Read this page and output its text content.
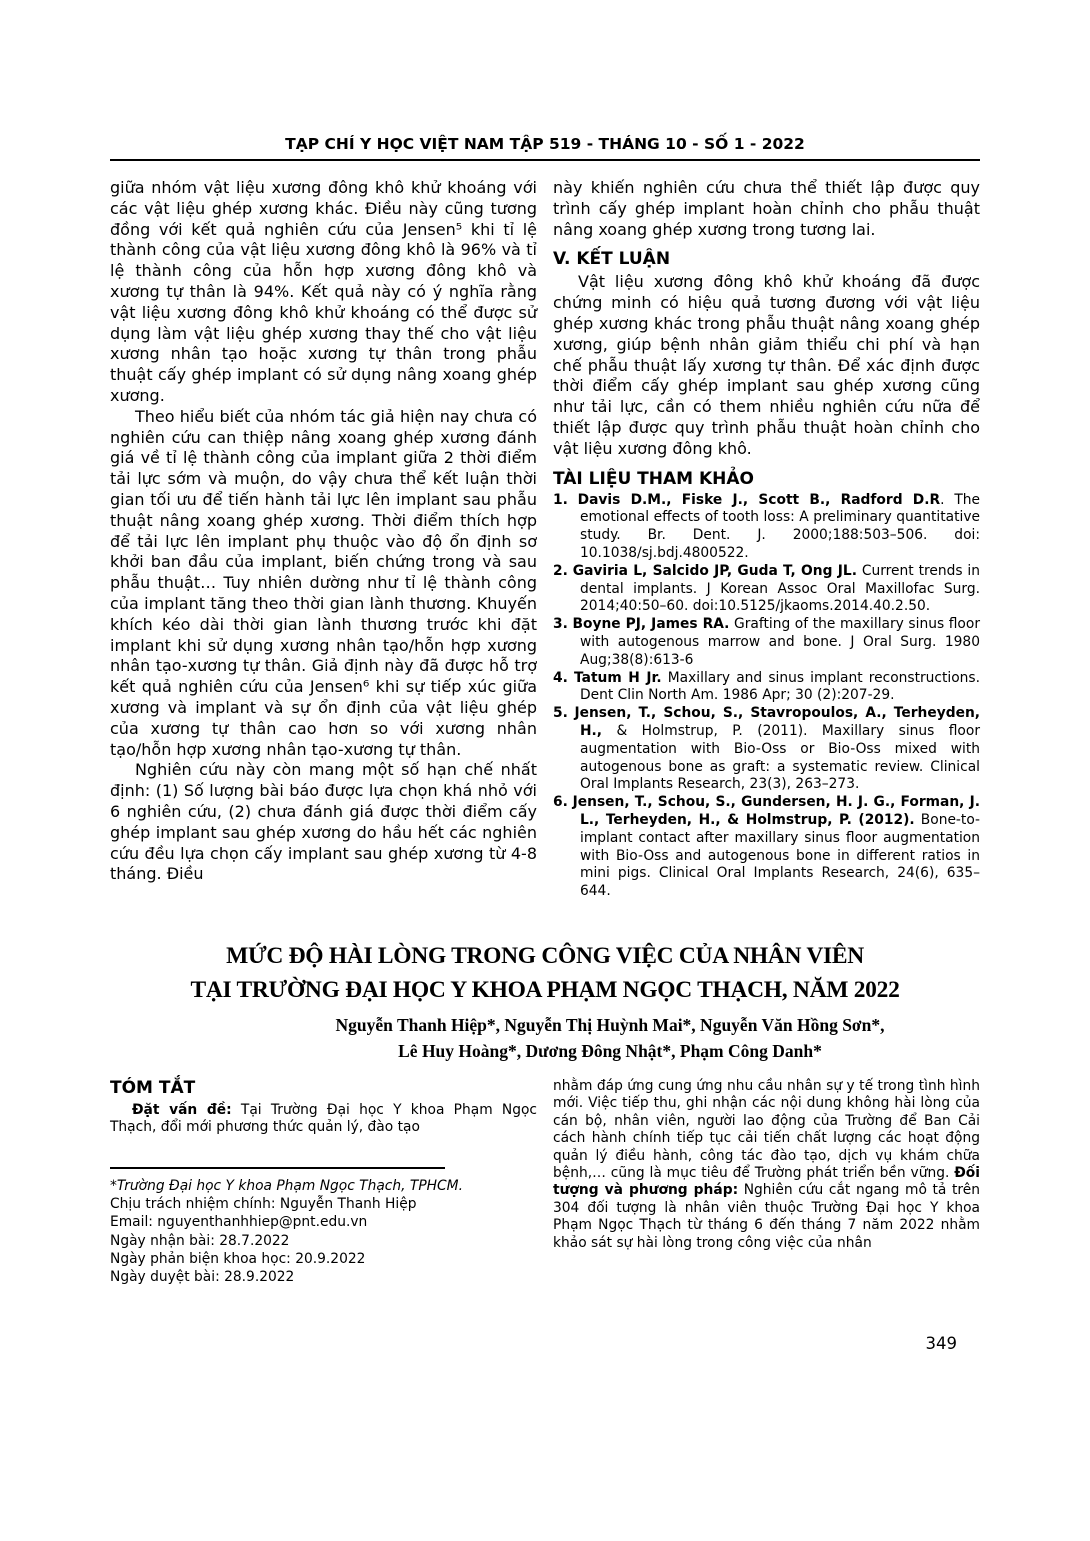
TẠP CHÍ Y HỌC VIỆT NAM TẬP 519 - THÁNG 10 - SỐ 1 - 2022

giữa nhóm vật liệu xương đông khô khử khoáng với các vật liệu ghép xương khác. Điều này cũng tương đồng với kết quả nghiên cứu của Jensen⁵ khi tỉ lệ thành công của vật liệu xương đông khô là 96% và tỉ lệ thành công của hỗn hợp xương đông khô và xương tự thân là 94%. Kết quả này có ý nghĩa rằng vật liệu xương đông khô khử khoáng có thể được sử dụng làm vật liệu ghép xương thay thế cho vật liệu xương nhân tạo hoặc xương tự thân trong phẫu thuật cấy ghép implant có sử dụng nâng xoang ghép xương.

Theo hiểu biết của nhóm tác giả hiện nay chưa có nghiên cứu can thiệp nâng xoang ghép xương đánh giá về tỉ lệ thành công của implant giữa 2 thời điểm tải lực sớm và muộn, do vậy chưa thể kết luận thời gian tối ưu để tiến hành tải lực lên implant sau phẫu thuật nâng xoang ghép xương. Thời điểm thích hợp để tải lực lên implant phụ thuộc vào độ ổn định sơ khởi ban đầu của implant, biến chứng trong và sau phẫu thuật… Tuy nhiên dường như tỉ lệ thành công của implant tăng theo thời gian lành thương. Khuyến khích kéo dài thời gian lành thương trước khi đặt implant khi sử dụng xương nhân tạo/hỗn hợp xương nhân tạo-xương tự thân. Giả định này đã được hỗ trợ kết quả nghiên cứu của Jensen⁶ khi sự tiếp xúc giữa xương và implant và sự ổn định của vật liệu ghép của xương tự thân cao hơn so với xương nhân tạo/hỗn hợp xương nhân tạo-xương tự thân.

Nghiên cứu này còn mang một số hạn chế nhất định: (1) Số lượng bài báo được lựa chọn khá nhỏ với 6 nghiên cứu, (2) chưa đánh giá được thời điểm cấy ghép implant sau ghép xương do hầu hết các nghiên cứu đều lựa chọn cấy implant sau ghép xương từ 4-8 tháng. Điều

này khiến nghiên cứu chưa thể thiết lập được quy trình cấy ghép implant hoàn chỉnh cho phẫu thuật nâng xoang ghép xương trong tương lai.

V. KẾT LUẬN

Vật liệu xương đông khô khử khoáng đã được chứng minh có hiệu quả tương đương với vật liệu ghép xương khác trong phẫu thuật nâng xoang ghép xương, giúp bệnh nhân giảm thiểu chi phí và hạn chế phẫu thuật lấy xương tự thân. Để xác định được thời điểm cấy ghép implant sau ghép xương cũng như tải lực, cần có them nhiều nghiên cứu nữa để thiết lập được quy trình phẫu thuật hoàn chỉnh cho vật liệu xương đông khô.

TÀI LIỆU THAM KHẢO
1. Davis D.M., Fiske J., Scott B., Radford D.R. The emotional effects of tooth loss: A preliminary quantitative study. Br. Dent. J. 2000;188:503–506. doi: 10.1038/sj.bdj.4800522.
2. Gaviria L, Salcido JP, Guda T, Ong JL. Current trends in dental implants. J Korean Assoc Oral Maxillofac Surg. 2014;40:50–60. doi:10.5125/jkaoms.2014.40.2.50.
3. Boyne PJ, James RA. Grafting of the maxillary sinus floor with autogenous marrow and bone. J Oral Surg. 1980 Aug;38(8):613-6
4. Tatum H Jr. Maxillary and sinus implant reconstructions. Dent Clin North Am. 1986 Apr; 30 (2):207-29.
5. Jensen, T., Schou, S., Stavropoulos, A., Terheyden, H., & Holmstrup, P. (2011). Maxillary sinus floor augmentation with Bio-Oss or Bio-Oss mixed with autogenous bone as graft: a systematic review. Clinical Oral Implants Research, 23(3), 263–273.
6. Jensen, T., Schou, S., Gundersen, H. J. G., Forman, J. L., Terheyden, H., & Holmstrup, P. (2012). Bone-to-implant contact after maxillary sinus floor augmentation with Bio-Oss and autogenous bone in different ratios in mini pigs. Clinical Oral Implants Research, 24(6), 635–644.
MỨC ĐỘ HÀI LÒNG TRONG CÔNG VIỆC CỦA NHÂN VIÊN
TẠI TRƯỜNG ĐẠI HỌC Y KHOA PHẠM NGỌC THẠCH, NĂM 2022
Nguyễn Thanh Hiệp*, Nguyễn Thị Huỳnh Mai*, Nguyễn Văn Hồng Sơn*,
Lê Huy Hoàng*, Dương Đông Nhật*, Phạm Công Danh*
TÓM TẮT

Đặt vấn đề: Tại Trường Đại học Y khoa Phạm Ngọc Thạch, đổi mới phương thức quản lý, đào tạo

*Trường Đại học Y khoa Phạm Ngọc Thạch, TPHCM.
Chịu trách nhiệm chính: Nguyễn Thanh Hiệp
Email: nguyenthanhhiep@pnt.edu.vn
Ngày nhận bài: 28.7.2022
Ngày phản biện khoa học: 20.9.2022
Ngày duyệt bài: 28.9.2022

nhằm đáp ứng cung ứng nhu cầu nhân sự y tế trong tình hình mới. Việc tiếp thu, ghi nhận các nội dung không hài lòng của cán bộ, nhân viên, người lao động của Trường để Ban Cải cách hành chính tiếp tục cải tiến chất lượng các hoạt động quản lý điều hành, công tác đào tạo, dịch vụ khám chữa bệnh,… cũng là mục tiêu để Trường phát triển bền vững. Đối tượng và phương pháp: Nghiên cứu cắt ngang mô tả trên 304 đối tượng là nhân viên thuộc Trường Đại học Y khoa Phạm Ngọc Thạch từ tháng 6 đến tháng 7 năm 2022 nhằm khảo sát sự hài lòng trong công việc của nhân

349
